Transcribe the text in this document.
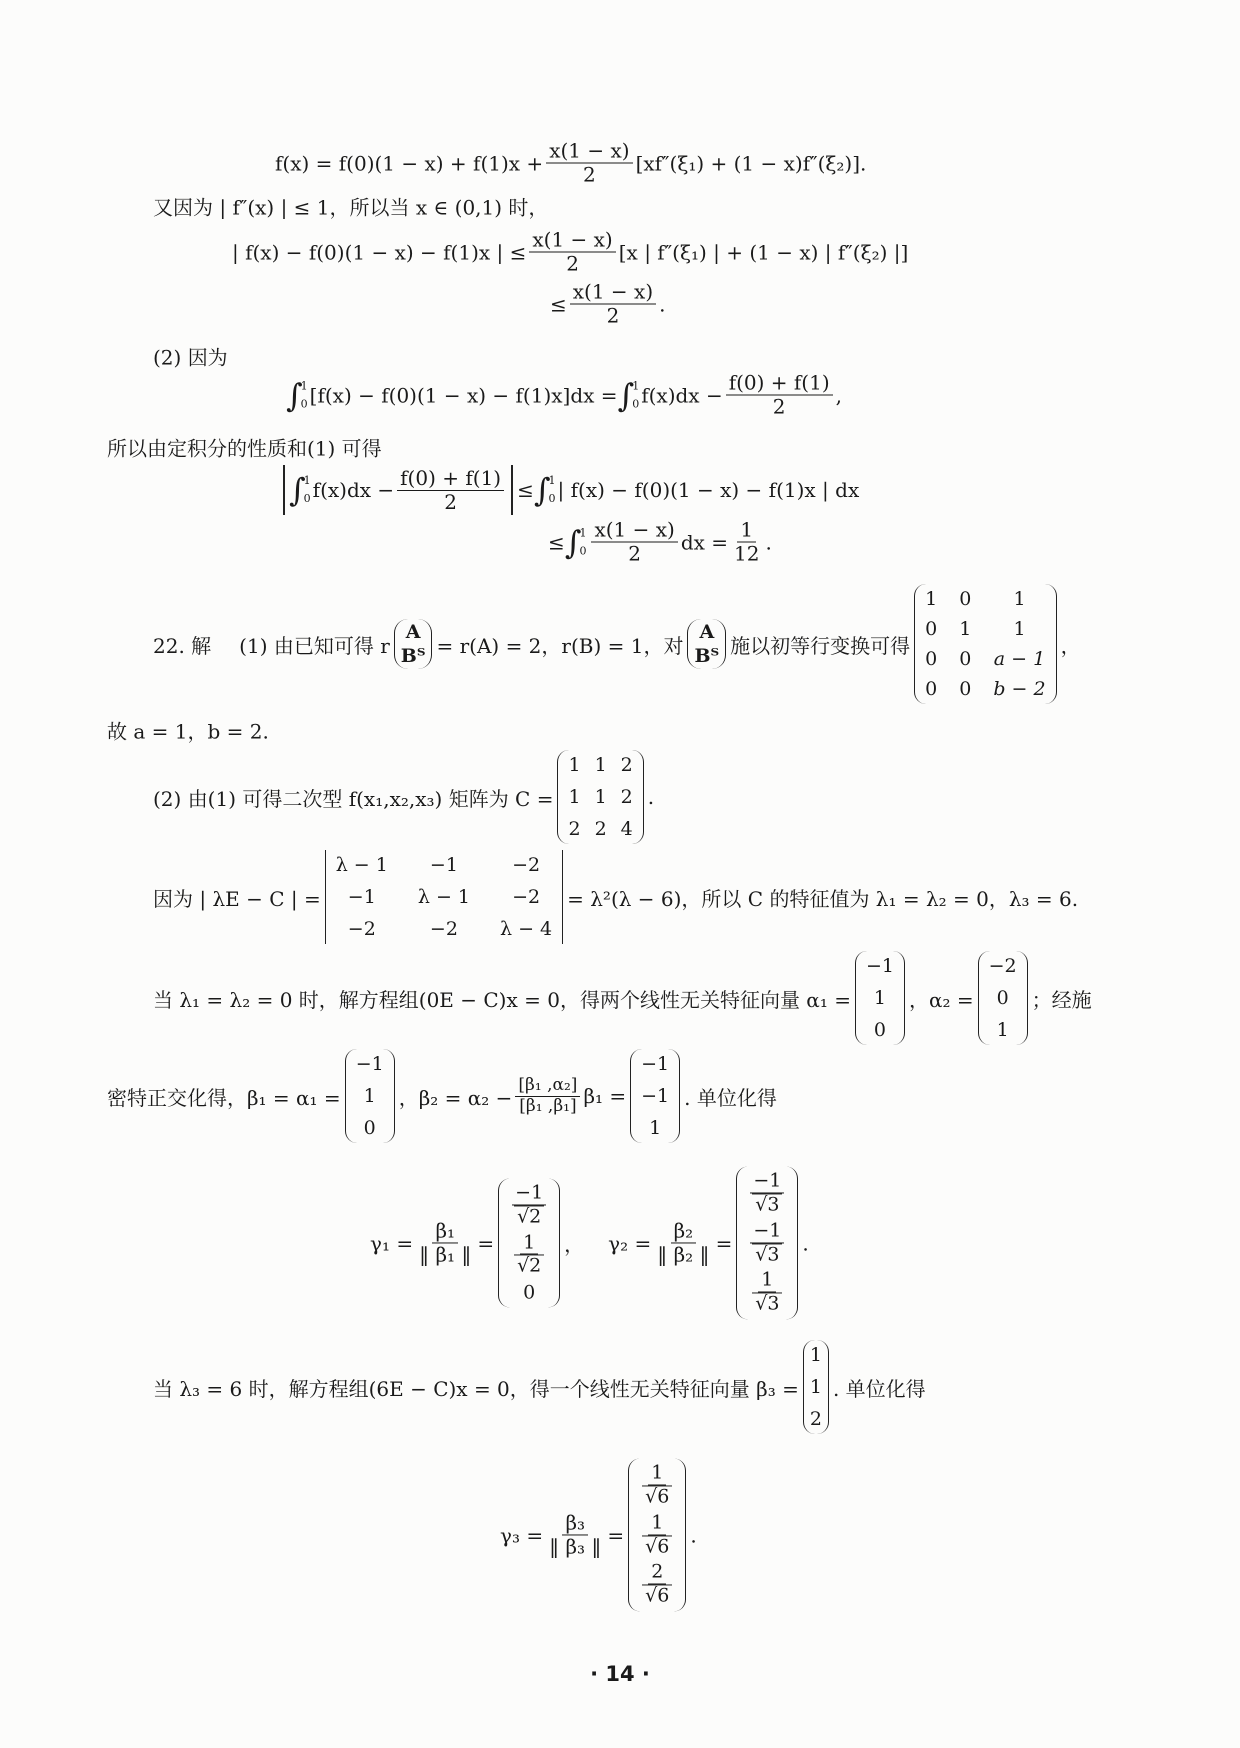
$f(x) = f(0)(1 - x) + f(1)x + \frac{x(1 - x)}{2} [xf''(\xi_1) + (1 - x)f''(\xi_2)]$.
又因为 | f″(x) | ≤ 1，所以当 x ∈ (0,1) 时，
| f(x) − f(0)(1 − x) − f(1)x | ≤ $\frac{x(1 - x)}{2} [x$ | f″(ξ₁) | + (1 − x) | f″(ξ₂) |]
≤ $\frac{x(1 - x)}{2}$ .
(2) 因为
∫
1
0 [f(x) − f(0)(1 − x) − f(1)x]dx = ∫
1
0 $f(x)dx - \frac{f(0) + f(1)}{2}$ ,
所以由定积分的性质和(1) 可得
∫
1
0 $f(x)dx - \frac{f(0) + f(1)}{2}$ ≤ ∫
1
0 | f(x) − f(0)(1 − x) − f(1)x | dx
≤ ∫
1
$0 \frac{x(1 - x)}{2}$ dx = $\frac{1}{12}$ .
22. 解 (1) 由已知可得 r
A
Bᵀ = r(A) = 2，r(B) = 1，对
A
Bᵀ 施以初等行变换可得
1 0	1
0 1	1
0 0 a − 1
0 0 b − 2
，
故 a = 1，b = 2.
(2) 由(1) 可得二次型 f(x₁,x₂,x₃) 矩阵为 C =
1 1 2
1 1 2
2 2 4
.
因为 | λE − C | =
λ − 1	−1	−2
−1	λ − 1	−2
−2	−2	λ − 4
= λ²(λ − 6)，所以 C 的特征值为 λ₁ = λ₂ = 0，λ₃ = 6.
当 λ₁ = λ₂ = 0 时，解方程组(0E − C)x = 0，得两个线性无关特征向量 α₁ =
−1
1
0
，α₂ =
−2
0
1
；经施
密特正交化得，β₁ = α₁ =
−1
1
0
，$\beta_2 = \alpha_2 - \frac{\text{[β₁ ,α₂]}}{\text{[β₁ ,β₁]}} \beta_1$ =
−1
−1
1
. 单位化得
$\gamma_1 = \frac{\text{β₁}}{\text{‖ β₁ ‖}}$ =
$\frac{-1}{√2}$
$\frac{1}{√2}$
0
， $\gamma_2 = \frac{\text{β₂}}{\text{‖ β₂ ‖}}$ =
$\frac{-1}{√3}$
$\frac{-1}{√3}$
$\frac{1}{√3}$
.
当 λ₃ = 6 时，解方程组(6E − C)x = 0，得一个线性无关特征向量 β₃ =
1
1
2
. 单位化得
$\gamma_3 = \frac{\text{β₃}}{\text{‖ β₃ ‖}}$ =
$\frac{1}{√6}$
$\frac{1}{√6}$
$\frac{2}{√6}$
.
· 14 ·
